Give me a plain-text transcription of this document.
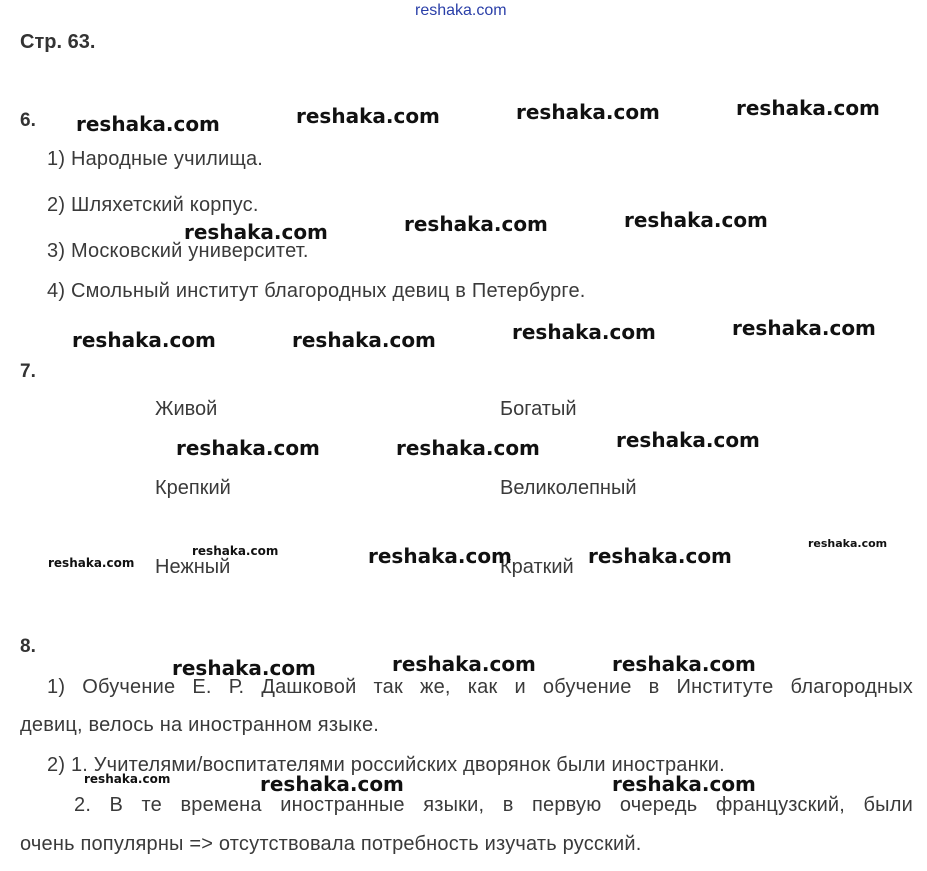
reshaka.com
Стр. 63.
6.
1) Народные училища.
2) Шляхетский корпус.
3) Московский университет.
4) Смольный институт благородных девиц в Петербурге.
7.
Живой	Богатый
Крепкий	Великолепный
Нежный	Краткий
8.
1) Обучение Е. Р. Дашковой так же, как и обучение в Институте благородных
девиц, велось на иностранном языке.
2) 1. Учителями/воспитателями российских дворянок были иностранки.
2. В те времена иностранные языки, в первую очередь французский, были
очень популярны => отсутствовала потребность изучать русский.
reshaka.com	reshaka.com	reshaka.com	reshaka.com
reshaka.com	reshaka.com	reshaka.com
reshaka.com	reshaka.com	reshaka.com	reshaka.com
reshaka.com	reshaka.com	reshaka.com
reshaka.com
reshaka.com	reshaka.com	reshaka.com
reshaka.com
reshaka.com	reshaka.com	reshaka.com
reshaka.com	reshaka.com	reshaka.com
